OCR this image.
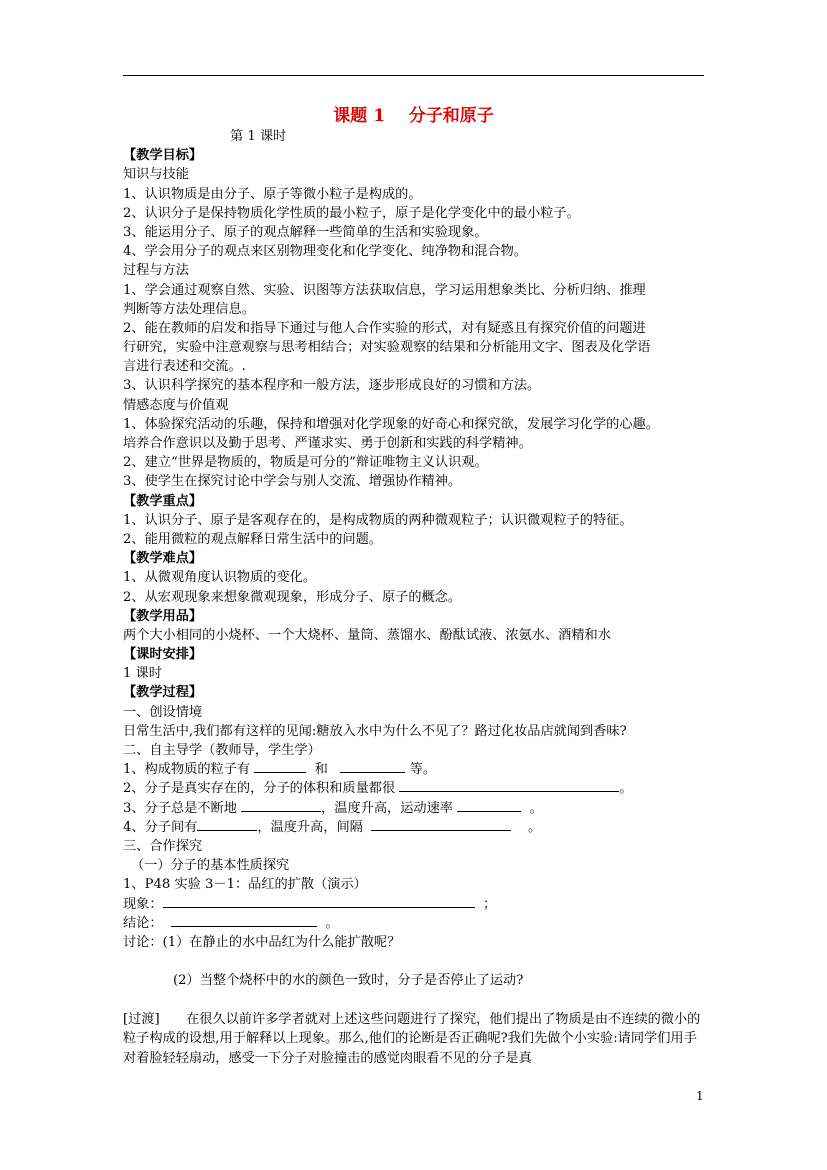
课题 1    分子和原子
第 1 课时
【教学目标】
知识与技能
1、认识物质是由分子、原子等微小粒子是构成的。
2、认识分子是保持物质化学性质的最小粒子，原子是化学变化中的最小粒子。
3、能运用分子、原子的观点解释一些简单的生活和实验现象。
4、学会用分子的观点来区别物理变化和化学变化、纯净物和混合物。
过程与方法
1、学会通过观察自然、实验、识图等方法获取信息，学习运用想象类比、分析归纳、推理
判断等方法处理信息。
2、能在教师的启发和指导下通过与他人合作实验的形式，对有疑惑且有探究价值的问题进
行研究，实验中注意观察与思考相结合；对实验观察的结果和分析能用文字、图表及化学语
言进行表述和交流。.
3、认识科学探究的基本程序和一般方法，逐步形成良好的习惯和方法。
情感态度与价值观
1、体验探究活动的乐趣，保持和增强对化学现象的好奇心和探究欲，发展学习化学的心趣。
培养合作意识以及勤于思考、严谨求实、勇于创新和实践的科学精神。
2、建立“世界是物质的，物质是可分的”辩证唯物主义认识观。
3、使学生在探究讨论中学会与别人交流、增强协作精神。
【教学重点】
1、认识分子、原子是客观存在的，是构成物质的两种微观粒子；认识微观粒子的特征。
2、能用微粒的观点解释日常生活中的问题。
【教学难点】
1、从微观角度认识物质的变化。
2、从宏观现象来想象微观现象，形成分子、原子的概念。
【教学用品】
两个大小相同的小烧杯、一个大烧杯、量筒、蒸馏水、酚酞试液、浓氨水、酒精和水
【课时安排】
1 课时
【教学过程】
一、创设情境
日常生活中,我们都有这样的见闻:糖放入水中为什么不见了？路过化妆品店就闻到香味?
二、自主导学（教师导，学生学）
1、构成物质的粒子有	和	等。
2、分子是真实存在的，分子的体积和质量都很	。
3、分子总是不断地	，温度升高，运动速率	。
4、分子间有	，温度升高，间隔	。
三、合作探究
（一）分子的基本性质探究
1、P48 实验 3－1：品红的扩散（演示）
现象：	；
结论：	。
讨论：(1）在静止的水中品红为什么能扩散呢？
(2）当整个烧杯中的水的颜色一致时，分子是否停止了运动?
[过渡]　　在很久以前许多学者就对上述这些问题进行了探究，他们提出了物质是由不连续的微小的粒子构成的设想,用于解释以上现象。那么,他们的论断是否正确呢?我们先做个小实验:请同学们用手对着脸轻轻扇动，感受一下分子对脸撞击的感觉肉眼看不见的分子是真
1
